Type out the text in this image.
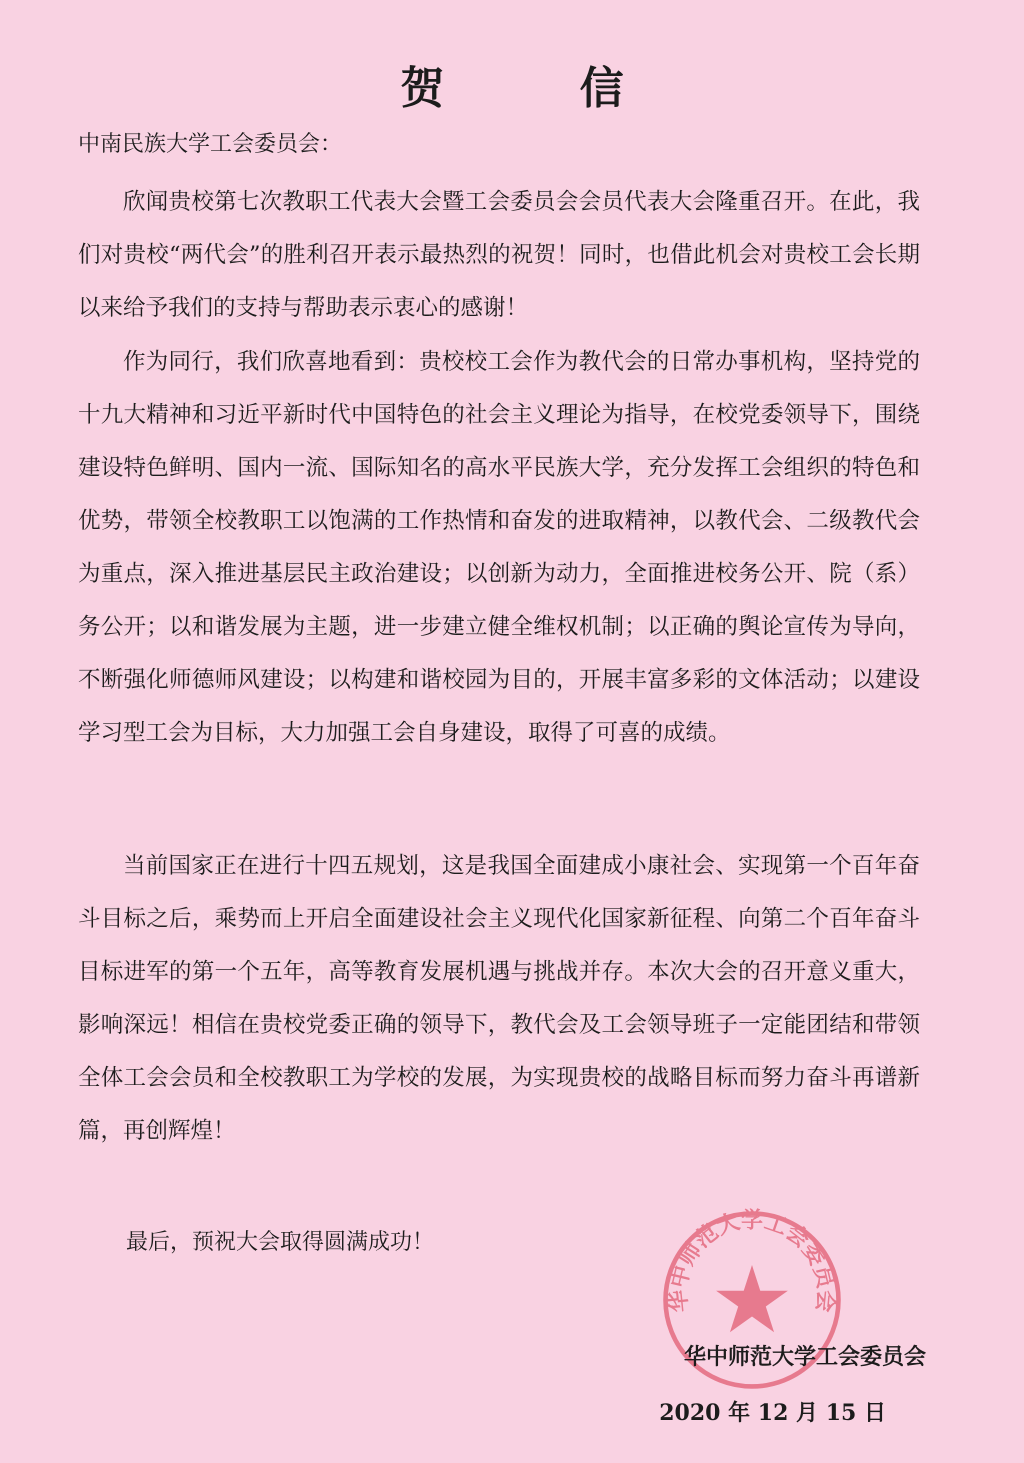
贺 信
中南民族大学工会委员会：

欣闻贵校第七次教职工代表大会暨工会委员会会员代表大会隆重召开。在此，我们对贵校“两代会”的胜利召开表示最热烈的祝贺！同时，也借此机会对贵校工会长期以来给予我们的支持与帮助表示衷心的感谢！

作为同行，我们欣喜地看到：贵校校工会作为教代会的日常办事机构，坚持党的十九大精神和习近平新时代中国特色的社会主义理论为指导，在校党委领导下，围绕建设特色鲜明、国内一流、国际知名的高水平民族大学，充分发挥工会组织的特色和优势，带领全校教职工以饱满的工作热情和奋发的进取精神，以教代会、二级教代会为重点，深入推进基层民主政治建设；以创新为动力，全面推进校务公开、院（系）务公开；以和谐发展为主题，进一步建立健全维权机制；以正确的舆论宣传为导向，不断强化师德师风建设；以构建和谐校园为目的，开展丰富多彩的文体活动；以建设学习型工会为目标，大力加强工会自身建设，取得了可喜的成绩。

当前国家正在进行十四五规划，这是我国全面建成小康社会、实现第一个百年奋斗目标之后，乘势而上开启全面建设社会主义现代化国家新征程、向第二个百年奋斗目标进军的第一个五年，高等教育发展机遇与挑战并存。本次大会的召开意义重大，影响深远！相信在贵校党委正确的领导下，教代会及工会领导班子一定能团结和带领全体工会会员和全校教职工为学校的发展，为实现贵校的战略目标而努力奋斗再谱新篇，再创辉煌！

最后，预祝大会取得圆满成功！
华中师范大学工会委员会
华中师范大学工会委员会
2020 年 12 月 15 日
